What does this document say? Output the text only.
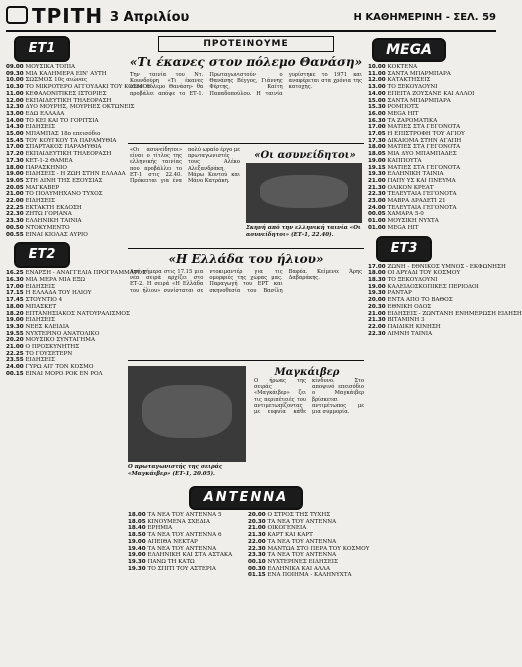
ΤΡΙΤΗ 3 Απριλίου	Η ΚΑΘΗΜΕΡΙΝΗ - ΣΕΛ. 59
ΕΤ1
09.00 ΜΟΥΣΙΚΑ ΤΟΠΙΑ
09.30 ΜΙΑ ΚΑΛΗΜΕΡΑ ΕΙΝ' ΑΥΤΗ
10.00 ΣΩΣΜΟΣ 10ς αιώνας
10.30 ΤΟ ΜΙΚΡΟΤΕΡΟ ΑΓΓΟΥΔΑΚΙ ΤΟΥ ΚΟΣΜΟΥ
11.00 ΚΕΦΑΛΟΝΙΤΙΚΕΣ ΙΣΤΟΡΙΕΣ
12.00 ΕΚΠΑΙΔΕΥΤΙΚΗ ΤΗΛΕΟΡΑΣΗ
12.30 ΔΥΟ ΜΟΥΡΗΣ, ΜΟΥΡΗΕΣ ΟΚΤΩΝΕΙΣ
13.00 ΕΔΩ ΕΛΛΑΔΑ
14.00 ΤΟ ΚΕΙ ΚΑΙ ΤΟ ΓΟΡΙΤΣΙΑ
14.30 ΕΙΔΗΣΕΙΣ
15.00 ΜΠΑΜΠΑΣ 18ο επεισόδιο
15.45 ΤΟΥ ΚΟΥΓΚΟΥ ΤΑ ΠΑΡΑΜΥΘΙΑ
17.00 ΣΠΑΡΤΑΚΟΣ ΠΑΡΑΜΥΘΙΑ
17.20 ΕΚΠΑΙΔΕΥΤΙΚΗ ΤΗΛΕΟΡΑΣΗ
17.30 ΚΕΤ-1-2 ΘΑΜΕΑ
18.00 ΠΑΡΑΣΚΗΝΙΟ
19.00 ΕΙΔΗΣΕΙΣ - Η ΖΩΗ ΣΤΗΝ ΕΛΛΑΔΑ
19.05 ΣΤΗ ΔΙΝΗ ΤΗΣ ΕΞΟΥΣΙΑΣ
20.05 ΜΑΓΚΑΒΕΡ
21.00 ΤΟ ΠΟΛΥΜΗΧΑΝΟ ΤΥΧΟΣ
22.00 ΕΙΔΗΣΕΙΣ
22.25 ΕΚΤΑΚΤΗ ΕΚΔΟΣΗ
22.30 ΖΗΤΩ ΓΟΡΙΑΝΑ
23.30 ΕΛΛΗΝΙΚΗ ΤΑΙΝΙΑ
00.50 ΝΤΟΚΥΜΕΝΤΟ
00.55 ΕΙΝΑΙ ΚΙΟΛΑΣ ΑΥΡΙΟ
ΕΤ2
16.25 ΕΝΑΡΞΗ - ΑΝΑΓΓΕΛΙΑ ΠΡΟΓΡΑΜΜΑΤΟΣ
16.30 ΜΙΑ ΜΕΡΑ ΜΙΑ ΕΞΩ
17.00 ΕΙΔΗΣΕΙΣ
17.15 Η ΕΛΛΑΔΑ ΤΟΥ ΗΛΙΟΥ
17.45 ΣΤΟΥΝΤΙΟ 4
18.00 ΜΠΑΣΚΕΤ
18.20 ΕΠΤΑΝΗΣΙΑΚΟΣ ΝΑΤΟΥΡΑΛΙΣΜΟΣ
19.00 ΕΙΔΗΣΕΙΣ
19.30 ΝΕΕΣ ΚΛΕΙΔΙΑ
19.55 ΝΥΧΤΕΡΙΝΟ ΑΝΑΤΟΛΙΚΟ
20.20 ΜΟΥΣΙΚΟ ΣΥΝΤΑΓΗΜΑ
21.00 Ο ΠΡΟΣΚΥΝΗΤΗΣ
22.25 ΤΟ ΓΟΥΣΕΤΕΡΝ
23.55 ΕΙΔΗΣΕΙΣ
24.00 ΓΥΡΩ ΑΠ' ΤΟΝ ΚΟΣΜΟ
00.15 ΕΙΝΑΙ ΜΟΡΟ ΡΟΚ ΕΝ ΡΟΛ
ΠΡΟΤΕΙΝΟΥΜΕ
«Τι έκανες στον πόλεμο Θανάση»
Την ταινία του Ντ. Κουνδούρη «Τι έκανες στον πόλεμο Θανάση» θα προβάλει απόψε το ΕΤ-1. Πρωταγωνιστούν ο Θανάσης Βέγγος, Γιάννης Φέρτης, Καίτη Παπαδοπούλου. Η ταινία γυρίστηκε το 1971 και αναφέρεται στα χρόνια της κατοχής.
«Οι ασυνείδητοι»
«Οι ασυνείδητοι» είναι ο τίτλος της ελληνικής ταινίας που προβάλλει το ΕΤ-1 στις 22.40. Πρόκειται για ένα πολύ ωραίο έργο με πρωταγωνιστές τους Αλέκο Αλεξανδράκη, Μάρω Κοντού και Μάνο Κατράκη.
Σκηνή από την ελληνική ταινία «Οι ασυνείδητοι» (ΕΤ-1, 22.40).
«Η Ελλάδα του ήλιου»
Από σήμερα στις 17.15 μια νέα σειρά αρχίζει στο ΕΤ-2. Η σειρά «Η Ελλάδα του ήλιου» συνίσταται σε ντοκιμαντέρ για τις ομορφιές της χώρας μας. Παραγωγή του ΕΡΤ και σκηνοθεσία του Βασίλη Βαφέα. Κείμενο: Άρης Δαβαράκης.
Ο πρωταγωνιστής της σειράς «Μαγκάιβερ» (ΕΤ-1, 20.05).
Μαγκάιβερ
Ο ήρωας της σειράς «Μαγκάιβερ» ζει τις περιπέτειές του αντιμετωπίζοντας με ευφυΐα κάθε κίνδυνο. Στο αποψινό επεισόδιο ο Μαγκάιβερ βρίσκεται αντιμέτωπος με μια συμμορία.
ANTENNA
18.00 ΤΑ ΝΕΑ ΤΟΥ ΑΝΤΕΝΝΑ 5
18.05 ΚΙΝΟΥΜΕΝΑ ΣΧΕΔΙΑ
18.40 ΕΡΗΜΙΑ
18.50 ΤΑ ΝΕΑ ΤΟΥ ΑΝΤΕΝΝΑ 6
19.00 ΑΠΕΙΘΑ ΝΕΚΤΑΡ
19.40 ΤΑ ΝΕΑ ΤΟΥ ΑΝΤΕΝΝΑ
19.00 ΕΛΛΗΝΙΚΗ ΚΑΙ ΣΤΑ ΑΣΤΑΚΑ
19.30 ΠΑΝΩ ΤΗ ΚΑΤΩ
19.30 ΤΟ ΣΠΙΤΙ ΤΟΥ ΑΣΤΕΡΙΑ
20.00 Ο ΣΤΡΟΣ ΤΗΣ ΤΥΧΗΣ
20.30 ΤΑ ΝΕΑ ΤΟΥ ΑΝΤΕΝΝΑ
21.00 ΟΙΚΟΓΕΝΕΙΑ
21.30 ΚΑΡΤ ΚΑΙ ΚΑΡΤ
22.00 ΤΑ ΝΕΑ ΤΟΥ ΑΝΤΕΝΝΑ
22.30 ΜΑΝΤΩΑ ΣΤΟ ΠΕΡΑ ΤΟΥ ΚΟΣΜΟΥ
23.30 ΤΑ ΝΕΑ ΤΟΥ ΑΝΤΕΝΝΑ
00.10 ΝΥΧΤΕΡΙΝΕΣ ΕΙΔΗΣΕΙΣ
00.30 ΕΛΛΗΝΙΚΑ ΚΑΙ ΑΛΛΑ
01.15 ΕΝΑ ΠΟΙΗΜΑ - ΚΑΛΗΝΥΧΤΑ
MEGA
10.00 ΚΟΚΤΕΝΑ
11.00 ΣΑΝΤΑ ΜΠΑΡΜΠΑΡΑ
12.00 ΚΑΤΑΚΤΗΣΕΙΣ
13.00 ΤΟ ΞΕΚΟΥΔΟΥΝΙ
14.00 ΕΠΕΙΤΑ ΖΟΥΣΑΝΕ ΚΑΙ ΑΛΛΟΙ
15.00 ΣΑΝΤΑ ΜΠΑΡΜΠΑΡΑ
15.30 ΡΟΜΠΟΤΣ
16.00 MEGA HIT
16.30 ΤΑ ΖΑΡΟΜΑΤΙΚΑ
17.00 ΜΑΤΙΕΣ ΣΤΑ ΓΕΓΟΝΟΤΑ
17.05 Η ΕΠΙΣΤΡΟΦΗ ΤΟΥ ΑΓΙΟΥ
17.30 ΔΙΚΑΙΟΜΑ ΣΤΗΝ ΑΓΑΠΗ
18.00 ΜΑΤΙΕΣ ΣΤΑ ΓΕΓΟΝΟΤΑ
18.05 ΜΙΑ ΔΥΟ ΜΠΑΜΠΑΔΕΣ
19.00 ΚΑΠΠΟΥΤΑ
19.15 ΜΑΤΙΕΣ ΣΤΑ ΓΕΓΟΝΟΤΑ
19.30 ΕΛΛΗΝΙΚΗ ΤΑΙΝΙΑ
21.00 ΠΑΠΥ ΥΣ ΚΑΙ ΠΝΕΥΜΑ
21.30 ΟΛΙΚΟΝ ΚΡΕΑΤ
22.30 ΤΕΛΕΥΤΑΙΑ ΓΕΓΟΝΟΤΑ
23.00 ΜΑΒΡΑ ΔΡΑΔΕΤΙ 21
24.00 ΤΕΛΕΥΤΑΙΑ ΓΕΓΟΝΟΤΑ
00.05 ΧΑΜΑΡΑ 5-0
01.00 ΜΟΥΣΙΚΗ ΝΥΧΤΑ
01.00 MEGA HIT
ΕΤ3
17.00 ΖΩΝΗ - ΕΘΝΙΚΟΣ ΥΜΝΟΣ - ΕΚΦΩΝΗΣΗ
18.00 ΟΙ ΔΡΥΑΔΙ ΤΟΥ ΚΟΣΜΟΥ
18.30 ΤΟ ΞΕΚΟΥΔΟΥΝΙ
19.00 ΚΑΛΕΙΔΟΣΚΟΠΙΚΕΣ ΠΕΡΙΟΔΟΙ
19.30 ΡΑΝΤΑΡ
20.00 ΕΝΤΑ ΑΠΟ ΤΟ ΒΑΘΟΣ
20.30 ΕΘΝΙΚΗ ΟΔΟΣ
21.00 ΕΙΔΗΣΕΙΣ - ΖΩΝΤΑΝΗ ΕΝΗΜΕΡΩΣΗ ΕΙΔΗΣΗ
21.30 ΒΙΤΑΜΙΝΗ 3
22.00 ΠΑΙΔΙΚΗ ΚΙΝΗΣΗ
22.30 ΛΙΜΝΗ ΤΑΙΝΙΑ
